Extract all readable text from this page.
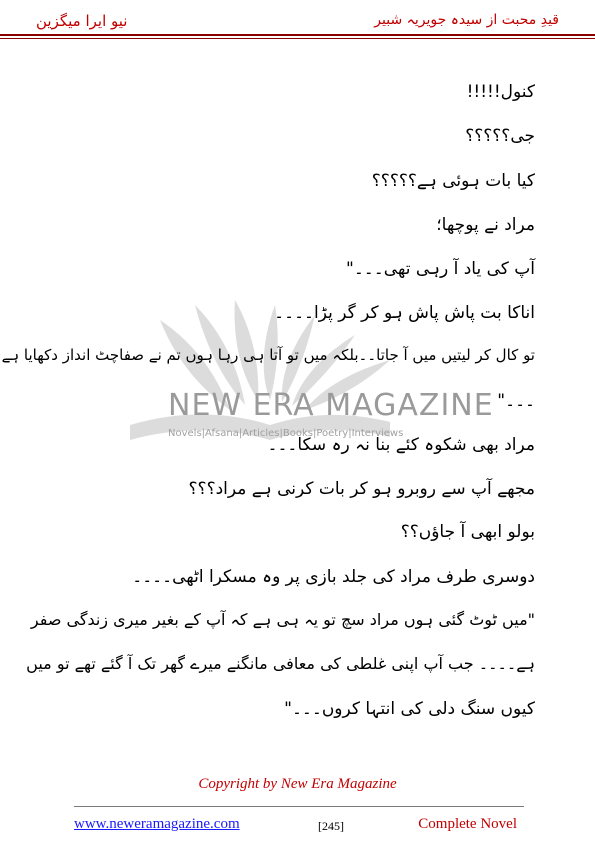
نیو ایرا میگزین	قیدِ محبت از سیدہ جویریہ شبیر
NEW ERA MAGAZINE
Novels|Afsana|Articles|Books|Poetry|Interviews
کنول!!!!!
جی؟؟؟؟؟
کیا بات ہوئی ہے؟؟؟؟؟
مراد نے پوچھا؛
آپ کی یاد آ رہی تھی۔۔۔"
اناکا بت پاش پاش ہو کر گر پڑا۔۔۔۔
تو کال کر لیتیں میں آ جاتا۔۔بلکہ میں تو آتا ہی رہا ہوں تم نے صفاچٹ انداز دکھایا ہے
۔۔۔"
مراد بھی شکوہ کئے بنا نہ رہ سکا۔۔۔
مجھے آپ سے روبرو ہو کر بات کرنی ہے مراد؟؟؟
بولو ابھی آ جاؤں؟؟
دوسری طرف مراد کی جلد بازی پر وہ مسکرا اٹھی۔۔۔۔
"میں ٹوٹ گئی ہوں مراد سچ تو یہ ہی ہے کہ آپ کے بغیر میری زندگی صفر
ہے۔۔۔۔ جب آپ اپنی غلطی کی معافی مانگنے میرے گھر تک آ گئے تھے تو میں
کیوں سنگ دلی کی انتہا کروں۔۔۔"
Copyright by New Era Magazine
www.neweramagazine.com	[245]	Complete Novel
